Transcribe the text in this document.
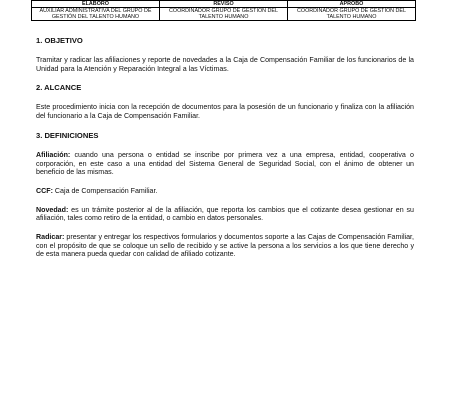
ELABORO	REVISO	APROBO
AUXILIAR ADMINISTRATIVA DEL GRUPO DE GESTIÓN DEL TALENTO HUMANO	COORDINADOR GRUPO DE GESTIÓN DEL TALENTO HUMANO	COORDINADOR GRUPO DE GESTIÓN DEL TALENTO HUMANO
1. OBJETIVO

Tramitar y radicar las afiliaciones y reporte de novedades a la Caja de Compensación Familiar de los funcionarios de la Unidad para la Atención y Reparación Integral a las Víctimas.

2. ALCANCE

Este procedimiento inicia con la recepción de documentos para la posesión de un funcionario y finaliza con la afiliación del funcionario a la Caja de Compensación Familiar.

3. DEFINICIONES

Afiliación: cuando una persona o entidad se inscribe por primera vez a una empresa, entidad, cooperativa o corporación, en este caso a una entidad del Sistema General de Seguridad Social, con el ánimo de obtener un beneficio de las mismas.

CCF: Caja de Compensación Familiar.

Novedad: es un trámite posterior al de la afiliación, que reporta los cambios que el cotizante desea gestionar en su afiliación, tales como retiro de la entidad, o cambio en datos personales.

Radicar: presentar y entregar los respectivos formularios y documentos soporte a las Cajas de Compensación Familiar, con el propósito de que se coloque un sello de recibido y se active la persona a los servicios a los que tiene derecho y de esta manera pueda quedar con calidad de afiliado cotizante.
